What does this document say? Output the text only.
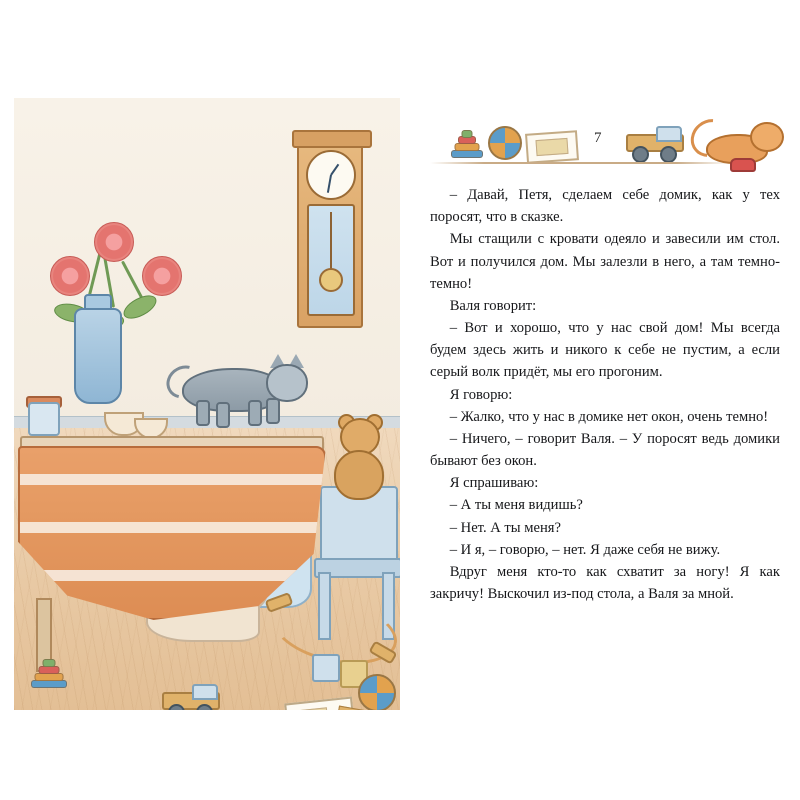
7

– Давай, Петя, сделаем себе домик, как у тех поросят, что в сказке.

Мы стащили с кровати одеяло и завесили им стол. Вот и получился дом. Мы залезли в него, а там темно-темно!

Валя говорит:

– Вот и хорошо, что у нас свой дом! Мы всегда будем здесь жить и никого к себе не пустим, а если серый волк придёт, мы его прогоним.

Я говорю:

– Жалко, что у нас в домике нет окон, очень темно!

– Ничего, – говорит Валя. – У поросят ведь домики бывают без окон.

Я спрашиваю:

– А ты меня видишь?

– Нет. А ты меня?

– И я, – говорю, – нет. Я даже себя не вижу.

Вдруг меня кто-то как схватит за ногу! Я как закричу! Выскочил из-под стола, а Валя за мной.
